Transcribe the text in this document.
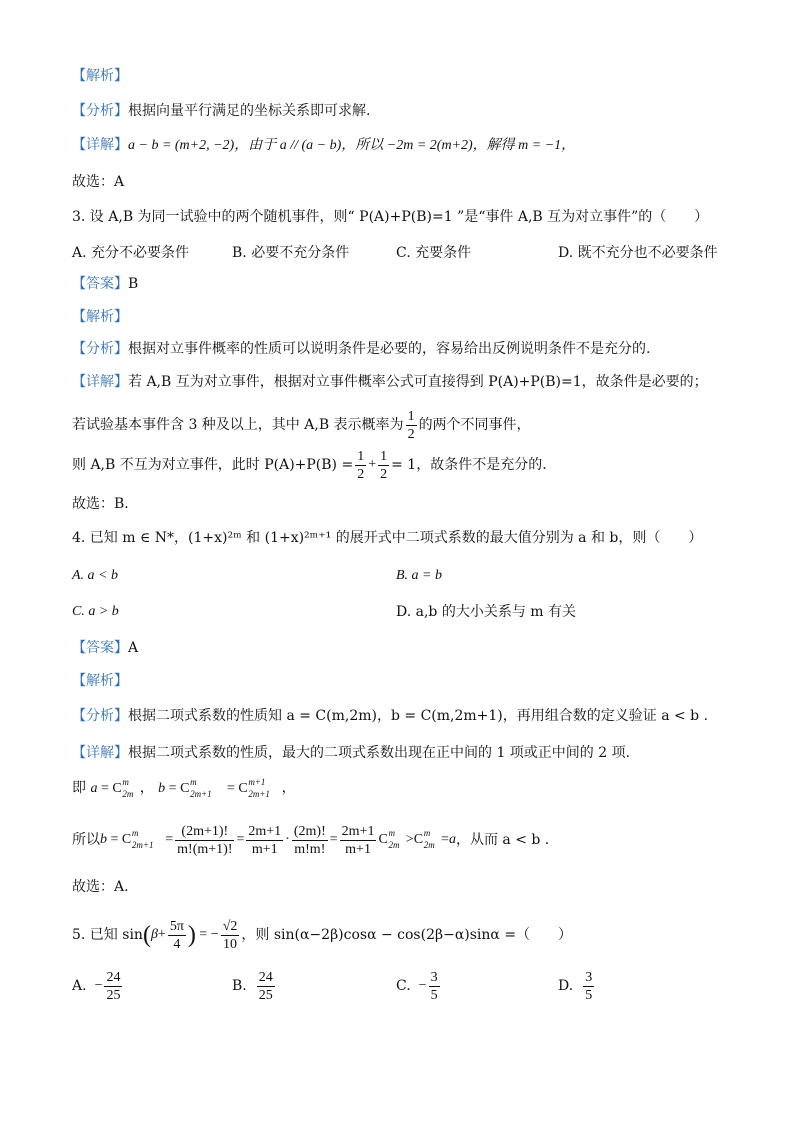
【解析】
【分析】根据向量平行满足的坐标关系即可求解.
【详解】a − b = (m+2, −2)，由于 a // (a − b)，所以 −2m = 2(m+2)，解得 m = −1，
故选：A
3. 设 A,B 为同一试验中的两个随机事件，则“ P(A)+P(B)=1 ”是“事件 A,B 互为对立事件”的（　　）
A. 充分不必要条件	B. 必要不充分条件	C. 充要条件	D. 既不充分也不必要条件
【答案】B
【解析】
【分析】根据对立事件概率的性质可以说明条件是必要的，容易给出反例说明条件不是充分的.
【详解】若 A,B 互为对立事件，根据对立事件概率公式可直接得到 P(A)+P(B)=1，故条件是必要的；
若试验基本事件含 3 种及以上，其中 A,B 表示概率为 $\frac{1}{2}$ 的两个不同事件，
则 A,B 不互为对立事件，此时 $P(A)+P(B) = \frac{1}{2} + \frac{1}{2} = 1$，故条件不是充分的.
故选：B.
4. 已知 m ∈ N*，(1+x)²ᵐ 和 (1+x)²ᵐ⁺¹ 的展开式中二项式系数的最大值分别为 a 和 b，则（　　）
A. a < b	B. a = b
C. a > b	D. a,b 的大小关系与 m 有关
【答案】A
【解析】
【分析】根据二项式系数的性质知 a = C(m,2m)，b = C(m,2m+1)，再用组合数的定义验证 a < b .
【详解】根据二项式系数的性质，最大的二项式系数出现在正中间的 1 项或正中间的 2 项.
即 a = C m
2m ， b = C m
2m+1 = C m+1
2m+1 ，
所以 b = C m
$2m+1 = \frac{(2m+1)!}{m!(m+1)!} = \frac{2m+1}{m+1} \cdot \frac{(2m)!}{m!m!} = \frac{2m+1}{m+1}$ C m
2m > C m
2m = a ，从而 a < b .
故选：A.
5. 已知 sin ( $\beta + \frac{5\pi}{4}$ ) = − $\frac{√2}{10}$ ，则 sin(α−2β)cosα − cos(2β−α)sinα =（　　）
A. − $\frac{24}{25}$	B. $\frac{24}{25}$	C. − $\frac{3}{5}$	D. $\frac{3}{5}$
